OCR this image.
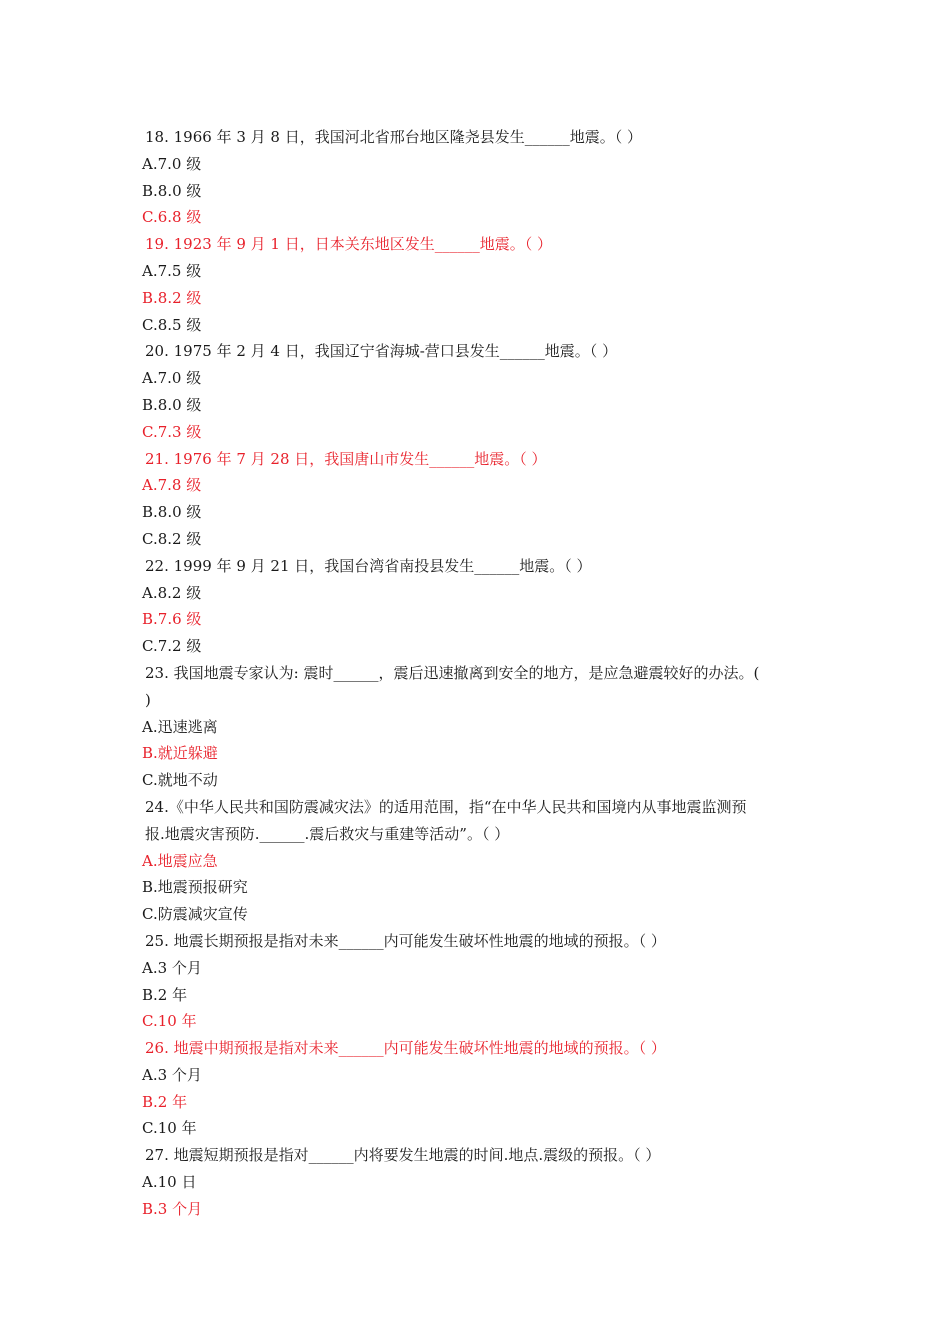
18. 1966 年 3 月 8 日，我国河北省邢台地区隆尧县发生______地震。（ ）
A.7.0 级
B.8.0 级
C.6.8 级
19. 1923 年 9 月 1 日，日本关东地区发生______地震。（ ）
A.7.5 级
B.8.2 级
C.8.5 级
20. 1975 年 2 月 4 日，我国辽宁省海城-营口县发生______地震。（ ）
A.7.0 级
B.8.0 级
C.7.3 级
21. 1976 年 7 月 28 日，我国唐山市发生______地震。（ ）
A.7.8 级
B.8.0 级
C.8.2 级
22. 1999 年 9 月 21 日，我国台湾省南投县发生______地震。（ ）
A.8.2 级
B.7.6 级
C.7.2 级
23. 我国地震专家认为: 震时______，震后迅速撤离到安全的地方，是应急避震较好的办法。(
)
A.迅速逃离
B.就近躲避
C.就地不动
24.《中华人民共和国防震减灾法》的适用范围，指“在中华人民共和国境内从事地震监测预
报.地震灾害预防.______.震后救灾与重建等活动”。（ ）
A.地震应急
B.地震预报研究
C.防震减灾宣传
25. 地震长期预报是指对未来______内可能发生破坏性地震的地域的预报。（ ）
A.3 个月
B.2 年
C.10 年
26. 地震中期预报是指对未来______内可能发生破坏性地震的地域的预报。（ ）
A.3 个月
B.2 年
C.10 年
27. 地震短期预报是指对______内将要发生地震的时间.地点.震级的预报。（ ）
A.10 日
B.3 个月
